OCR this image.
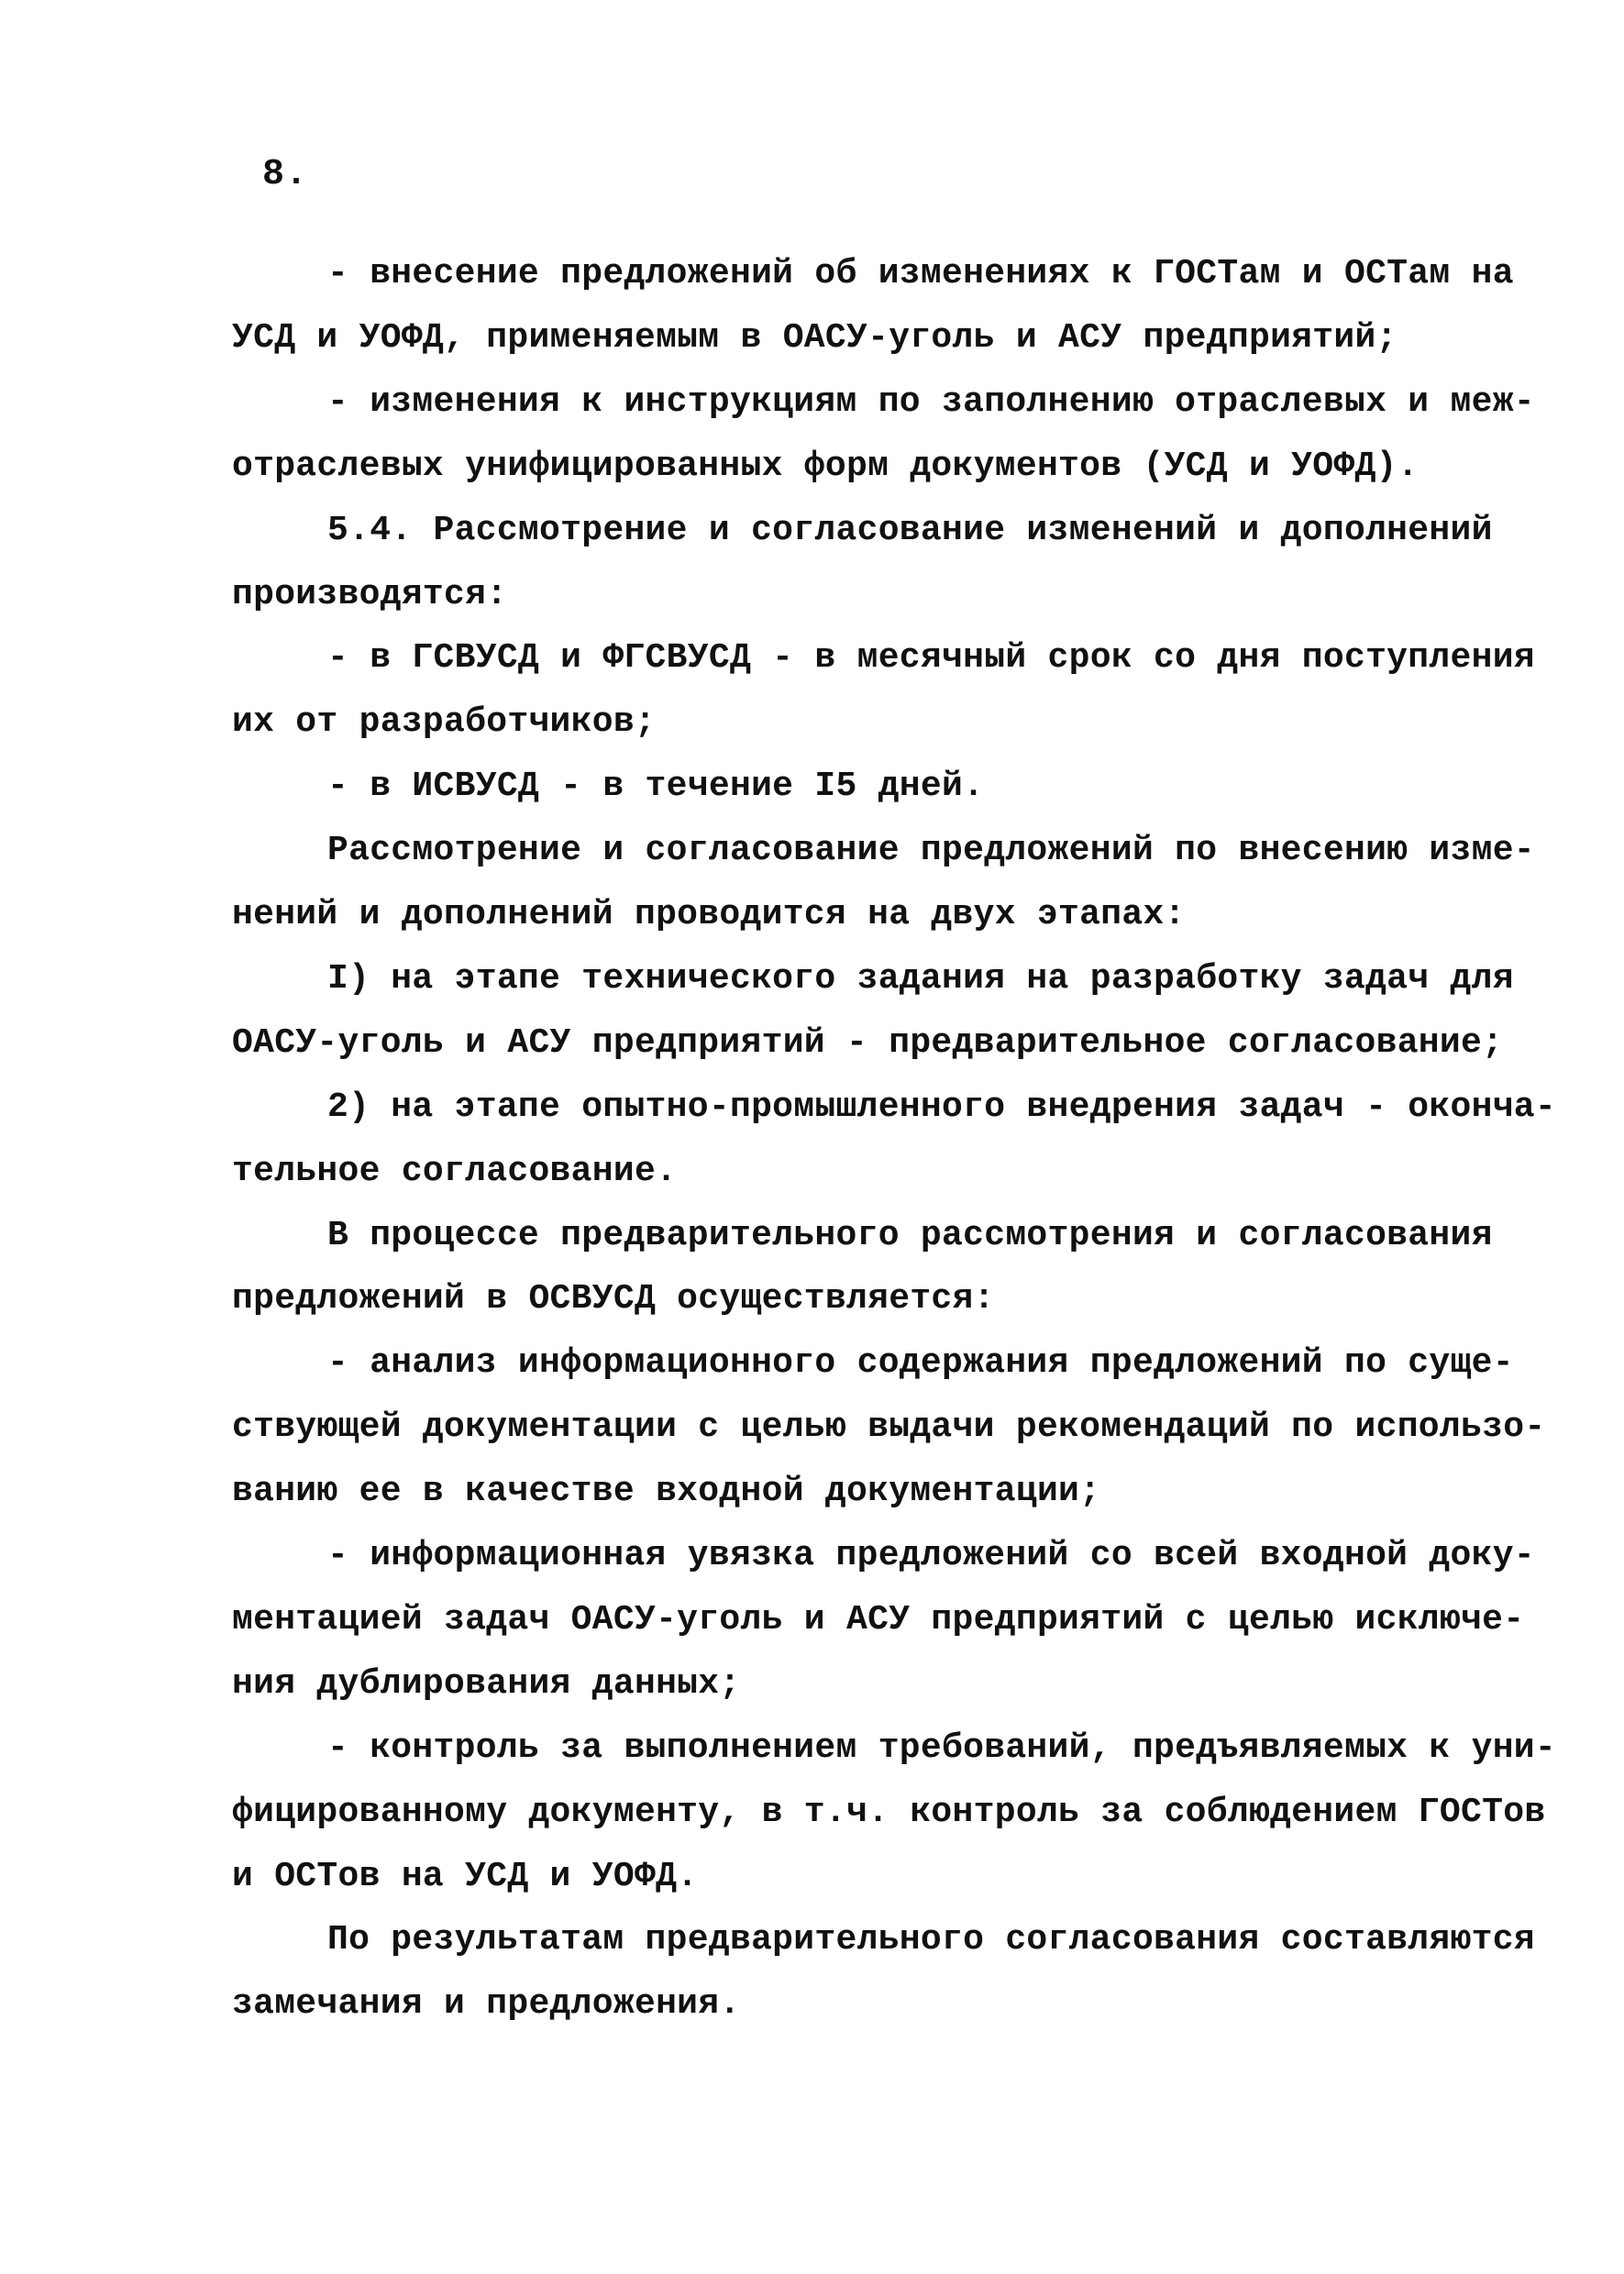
8.
- внесение предложений об изменениях к ГОСТам и ОСТам на
УСД и УОФД, применяемым в ОАСУ-уголь и АСУ предприятий;
- изменения к инструкциям по заполнению отраслевых и меж-
отраслевых унифицированных форм документов (УСД и УОФД).
5.4. Рассмотрение и согласование изменений и дополнений
производятся:
- в ГСВУСД и ФГСВУСД - в месячный срок со дня поступления
их от разработчиков;
- в ИСВУСД - в течение I5 дней.
Рассмотрение и согласование предложений по внесению изме-
нений и дополнений проводится на двух этапах:
I) на этапе технического задания на разработку задач для
ОАСУ-уголь и АСУ предприятий - предварительное согласование;
2) на этапе опытно-промышленного внедрения задач - оконча-
тельное согласование.
В процессе предварительного рассмотрения и согласования
предложений в ОСВУСД осуществляется:
- анализ информационного содержания предложений по суще-
ствующей документации с целью выдачи рекомендаций по использо-
ванию ее в качестве входной документации;
- информационная увязка предложений со всей входной доку-
ментацией задач ОАСУ-уголь и АСУ предприятий с целью исключе-
ния дублирования данных;
- контроль за выполнением требований, предъявляемых к уни-
фицированному документу, в т.ч. контроль за соблюдением ГОСТов
и ОСТов на УСД и УОФД.
По результатам предварительного согласования составляются
замечания и предложения.
